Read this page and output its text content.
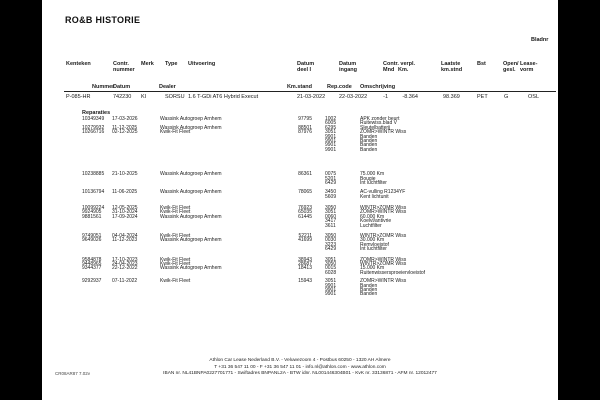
RO&B HISTORIE
Bladnr
Kenteken	Contr.
nummer
Merk Type Uitvoering	Datum
deel I
Datum
ingang
Contr. verpl.
Mnd Km.
Laatste
km.stnd
Bst	Open/
gesl.
Lease-
vorm
Nummer
Datum	Dealer	Km.stand	Rep.code Omschrijving
P-085-HR	742230 KI	SORSU 1.6 T-GDi AT6 Hybrid Execut	21-03-2022	22-03-2022	-1	-8.364	98.369	PET	G	OSL
Reparaties
10349349 17-03-2026	Wassink Autogroep Arnhem	97795	1002	APK zonder beurt
6005	Ruitewiss.blad V
10279932 11-12-2025	Wassink Autogroep Arnhem	88501	6295	Sleutelbatterij
10266716 02-12-2025	Kwik-Fit Fleet	87976	3051	ZOMR>WINTR Wiss
9901	Banden
9901	Banden
9901	Banden
9901	Banden
10238885 21-10-2025	Wassink Autogroep Arnhem	86361	0075	75.000 Km
5201	Bougie
6429	Int luchtfilter
10136794 11-06-2025	Wassink Autogroep Arnhem	78065	3450	AC-vulling R1234YF
5609	Kent lichtunit
10099224 12-05-2025	Kwik-Fit Fleet	76923	3050	WINTR>ZOMR Wiss
9924905 31-10-2024	Kwik-Fit Fleet	65035	3051	ZOMR>WINTR Wiss
9881561 17-09-2024	Wassink Autogroep Arnhem	61445	0060	60.000 Km
3417	Koelvl/antivrie
3611	Luchtfilter
9749051 04-04-2024	Kwik-Fit Fleet	52211	3050	WINTR>ZOMR Wiss
9649026 11-12-2023	Wassink Autogroep Arnhem	41699	0030	30.000 Km
3223	Remvloeistof
6429	Int luchtfilter
9584878 17-10-2023	Kwik-Fit Fleet	38943	3051	ZOMR>WINTR Wiss
9448965 24-04-2023	Kwik-Fit Fleet	28687	3050	WINTR>ZOMR Wiss
9344377 22-12-2022	Wassink Autogroep Arnhem	18413	0015	15.000 Km
6028	Ruitenwissersproeiervloeistof
9292937 07-11-2022	Kwik-Fit Fleet	15943	3051	ZOMR>WINTR Wiss
9901	Banden
9901	Banden
9901	Banden
Athlon Car Lease Nederland B.V. - Veluwezoom 4 - Postbus 60250 - 1320 AH Almere
T +31 36 547 11 00 - F +31 36 547 11 01 - info.nl@athlon.com - www.athlon.com
IBAN nr. NL41BNPA0227701771 - Swiftadres BNPANL2A - BTW idnr. NL001446304B01 - KvK nr. 33136871 - AFM nr. 12012477
CR08AR87 7.02v
